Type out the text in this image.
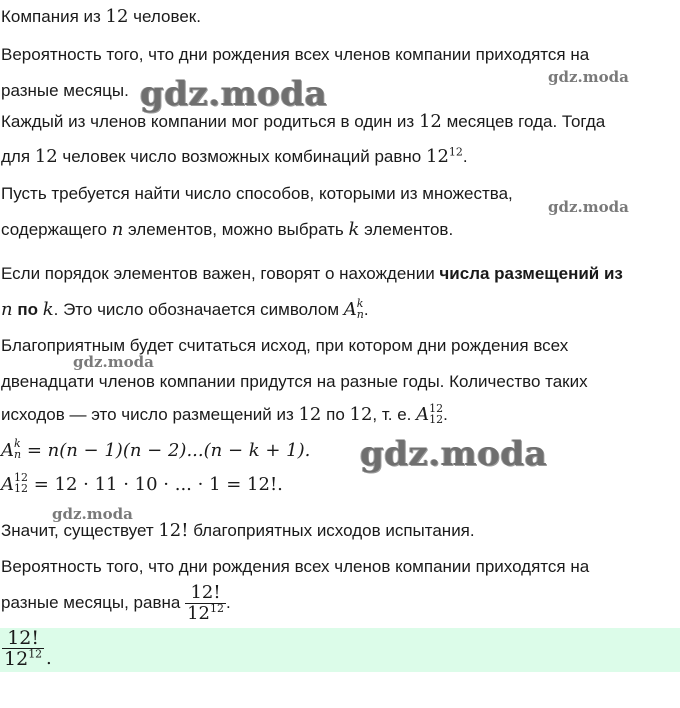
Компания из 12 человек.
Вероятность того, что дни рождения всех членов компании приходятся на
разные месяцы.
Каждый из членов компании мог родиться в один из 12 месяцев года. Тогда
для 12 человек число возможных комбинаций равно $12^{12}$.
Пусть требуется найти число способов, которыми из множества,
содержащего n элементов, можно выбрать k элементов.
Если порядок элементов важен, говорят о нахождении числа размещений из
n по k. Это число обозначается символом A k
n .
Благоприятным будет считаться исход, при котором дни рождения всех
двенадцати членов компании придутся на разные годы. Количество таких
исходов — это число размещений из 12 по 12, т. е. A 12
12 .
A k
n = n(n − 1)(n − 2)...(n − k + 1).
A 12
12 = 12 · 11 · 10 · ... · 1 = 12!.
Значит, существует 12! благоприятных исходов испытания.
Вероятность того, что дни рождения всех членов компании приходятся на
разные месяцы, равна $\frac{12!}{12^{12}}$ .
$\frac{12!}{12^{12}}$ .
gdz.moda	gdz.moda
gdz.moda
gdz.moda
gdz.moda
gdz.moda
